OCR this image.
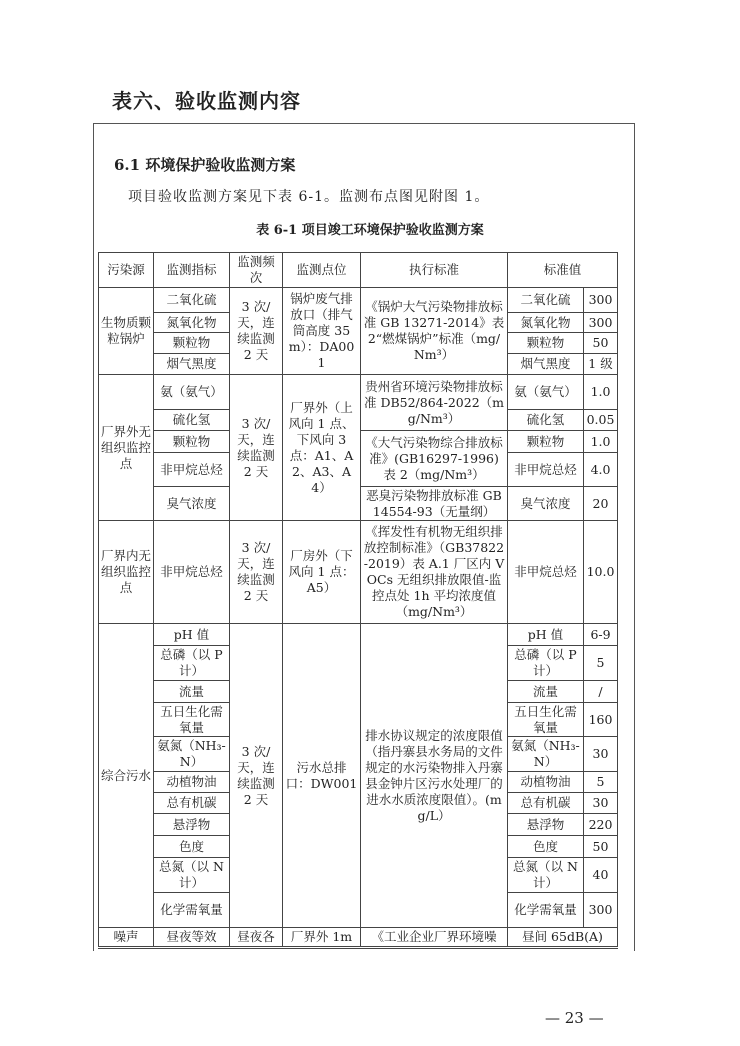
表六、验收监测内容
6.1 环境保护验收监测方案
项目验收监测方案见下表 6-1。监测布点图见附图 1。
表 6-1 项目竣工环境保护验收监测方案
污染源	监测指标	监测频次	监测点位	执行标准	标准值	
生物质颗粒锅炉	二氧化硫	3 次/天，连续监测 2 天	锅炉废气排放口（排气筒高度 35m）：DA001	《锅炉大气污染物排放标准 GB 13271-2014》表 2“燃煤锅炉”标准（mg/Nm³）	二氧化硫	300
	氮氧化物				氮氧化物	300
	颗粒物				颗粒物	50
	烟气黑度				烟气黑度	1 级
厂界外无组织监控点	氨（氨气）	3 次/天，连续监测 2 天	厂界外（上风向 1 点、下风向 3 点：A1、A2、A3、A4）	贵州省环境污染物排放标准 DB52/864-2022（mg/Nm³）	氨（氨气）	1.0
	硫化氢				硫化氢	0.05
	颗粒物			《大气污染物综合排放标准》(GB16297-1996) 表 2（mg/Nm³）	颗粒物	1.0
	非甲烷总烃				非甲烷总烃	4.0
	臭气浓度			恶臭污染物排放标准 GB 14554-93（无量纲）	臭气浓度	20
厂界内无组织监控点	非甲烷总烃	3 次/天，连续监测 2 天	厂房外（下风向 1 点：A5）	《挥发性有机物无组织排放控制标准》（GB37822-2019）表 A.1 厂区内 VOCs 无组织排放限值-监控点处 1h 平均浓度值（mg/Nm³）	非甲烷总烃	10.0
综合污水	pH 值	3 次/天，连续监测 2 天	污水总排口：DW001	排水协议规定的浓度限值（指丹寨县水务局的文件规定的水污染物排入丹寨县金钟片区污水处理厂的进水水质浓度限值）。(mg/L）	pH 值	6-9
	总磷（以 P 计）				总磷（以 P 计）	5
	流量				流量	/
	五日生化需氧量				五日生化需氧量	160
	氨氮（NH₃-N）				氨氮（NH₃-N）	30
	动植物油				动植物油	5
	总有机碳				总有机碳	30
	悬浮物				悬浮物	220
	色度				色度	50
	总氮（以 N 计）				总氮（以 N 计）	40
	化学需氧量				化学需氧量	300
噪声	昼夜等效	昼夜各	厂界外 1m	《工业企业厂界环境噪	昼间 65dB(A)	
— 23 —
